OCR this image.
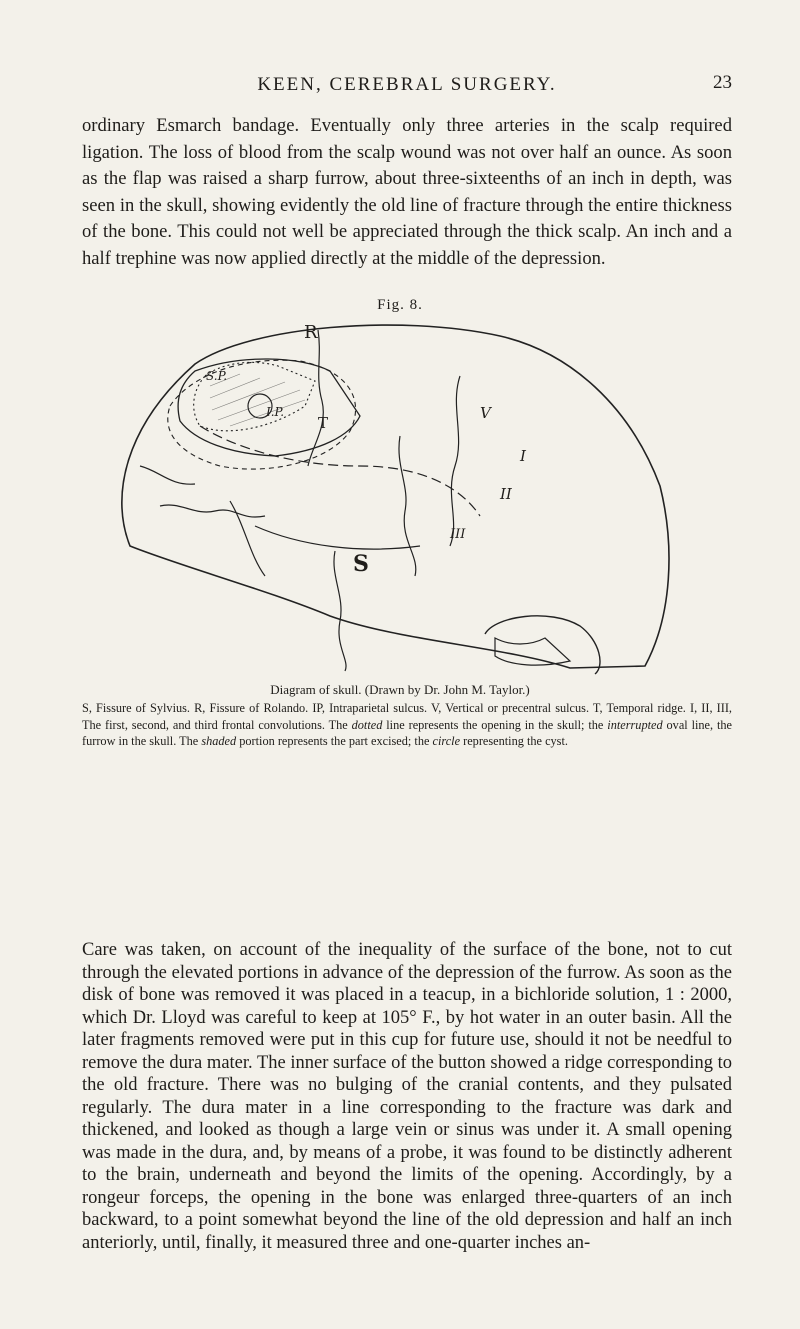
KEEN, CEREBRAL SURGERY.	23

ordinary Esmarch bandage. Eventually only three arteries in the scalp required ligation. The loss of blood from the scalp wound was not over half an ounce. As soon as the flap was raised a sharp furrow, about three-sixteenths of an inch in depth, was seen in the skull, showing evidently the old line of fracture through the entire thickness of the bone. This could not well be appreciated through the thick scalp. An inch and a half trephine was now applied directly at the middle of the depression.

Fig. 8.
R
S.P.
I.P.
T
V
I
II
III
S
Diagram of skull. (Drawn by Dr. John M. Taylor.)

S, Fissure of Sylvius. R, Fissure of Rolando. IP, Intraparietal sulcus. V, Vertical or precentral sulcus. T, Temporal ridge. I, II, III, The first, second, and third frontal convolutions. The dotted line represents the opening in the skull; the interrupted oval line, the furrow in the skull. The shaded portion represents the part excised; the circle representing the cyst.

Care was taken, on account of the inequality of the surface of the bone, not to cut through the elevated portions in advance of the depression of the furrow. As soon as the disk of bone was removed it was placed in a teacup, in a bichloride solution, 1 : 2000, which Dr. Lloyd was careful to keep at 105° F., by hot water in an outer basin. All the later fragments removed were put in this cup for future use, should it not be needful to remove the dura mater. The inner surface of the button showed a ridge corresponding to the old fracture. There was no bulging of the cranial contents, and they pulsated regularly. The dura mater in a line corresponding to the fracture was dark and thickened, and looked as though a large vein or sinus was under it. A small opening was made in the dura, and, by means of a probe, it was found to be distinctly adherent to the brain, underneath and beyond the limits of the opening. Accordingly, by a rongeur forceps, the opening in the bone was enlarged three-quarters of an inch backward, to a point somewhat beyond the line of the old depression and half an inch anteriorly, until, finally, it measured three and one-quarter inches an-
